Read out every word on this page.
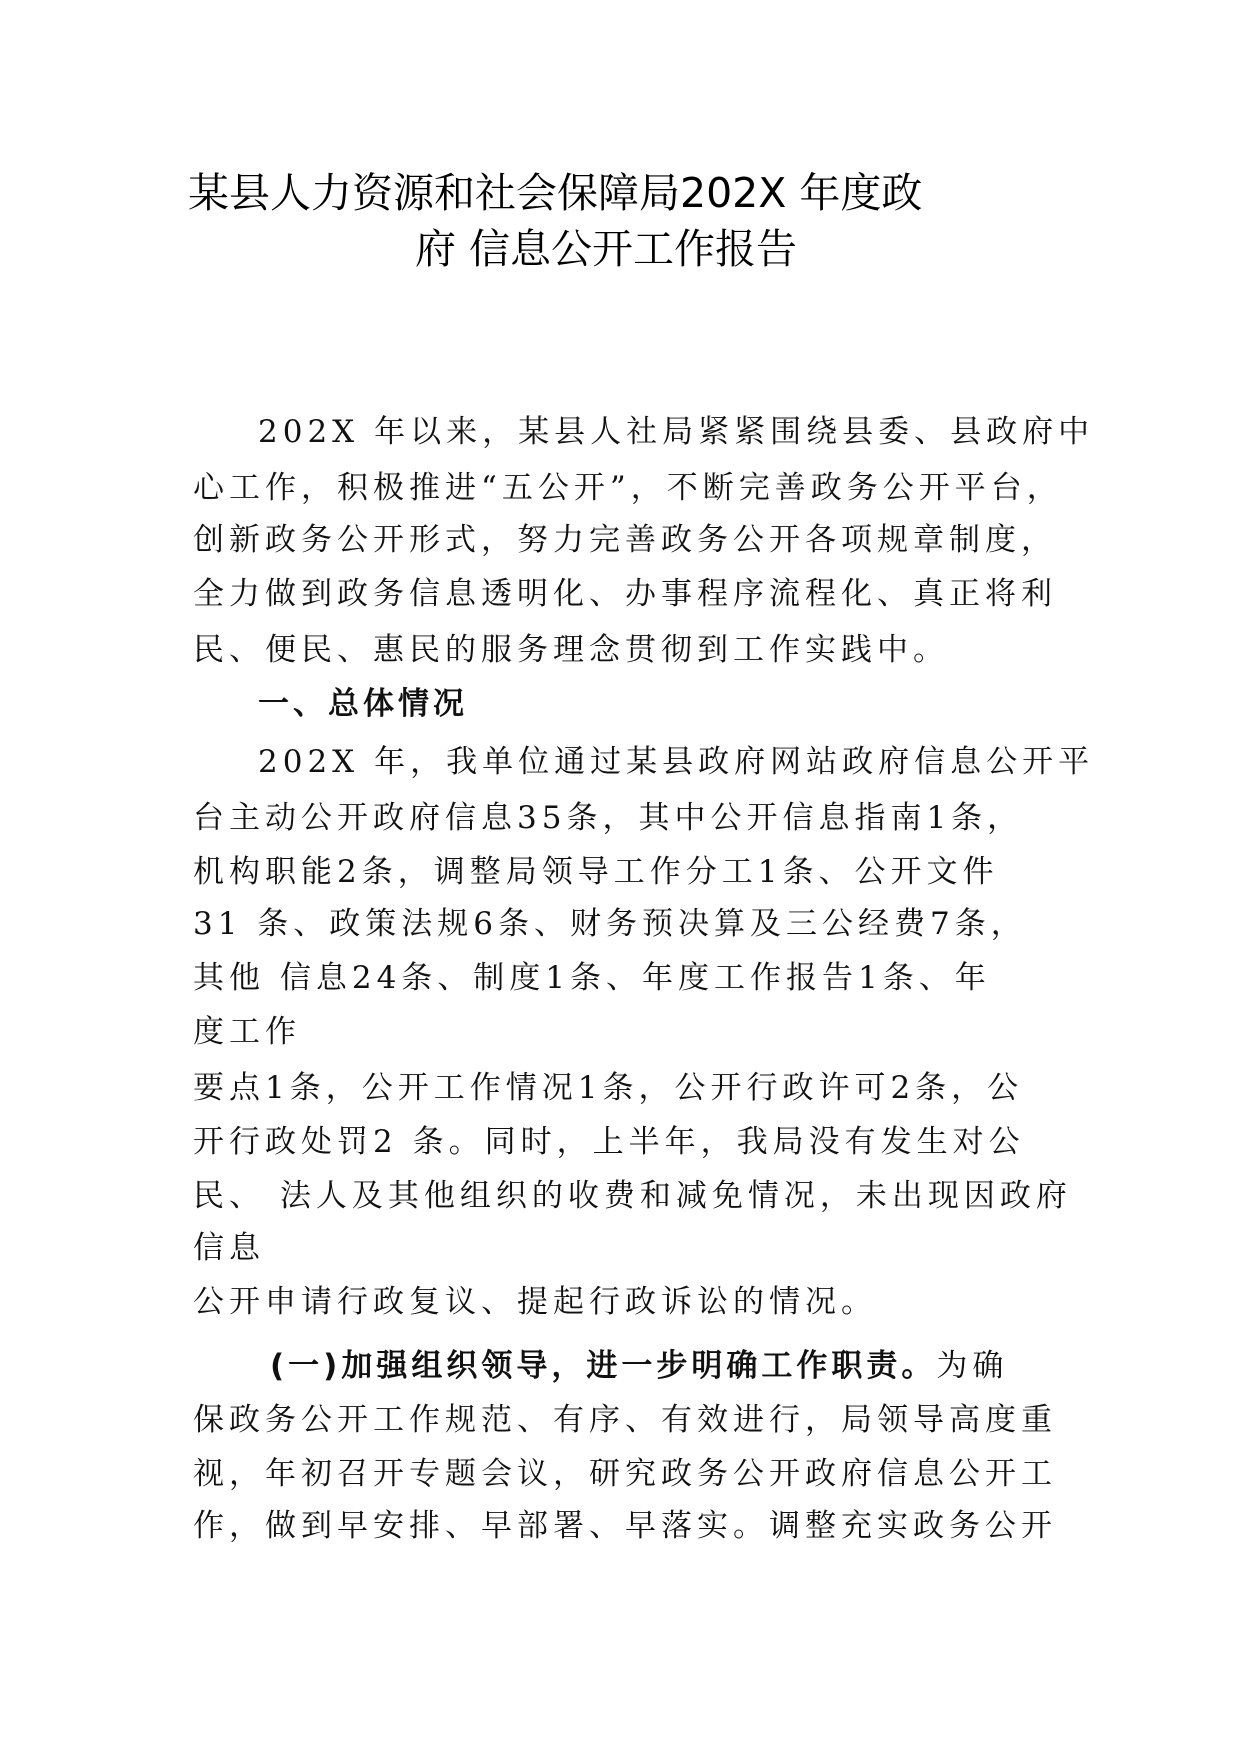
某县人力资源和社会保障局202X 年度政
府 信息公开工作报告
202X 年以来，某县人社局紧紧围绕县委、县政府中
心工作，积极推进“五公开”，不断完善政务公开平台，
创新政务公开形式，努力完善政务公开各项规章制度，
全力做到政务信息透明化、办事程序流程化、真正将利
民、便民、惠民的服务理念贯彻到工作实践中。
一、总体情况
202X 年，我单位通过某县政府网站政府信息公开平
台主动公开政府信息35条，其中公开信息指南1条，
机构职能2条，调整局领导工作分工1条、公开文件
31 条、政策法规6条、财务预决算及三公经费7条，
其他 信息24条、制度1条、年度工作报告1条、年
度工作
要点1条，公开工作情况1条，公开行政许可2条，公
开行政处罚2 条。同时，上半年，我局没有发生对公
民、 法人及其他组织的收费和减免情况，未出现因政府
信息
公开申请行政复议、提起行政诉讼的情况。
(一)加强组织领导，进一步明确工作职责。为确
保政务公开工作规范、有序、有效进行，局领导高度重
视，年初召开专题会议，研究政务公开政府信息公开工
作，做到早安排、早部署、早落实。调整充实政务公开
